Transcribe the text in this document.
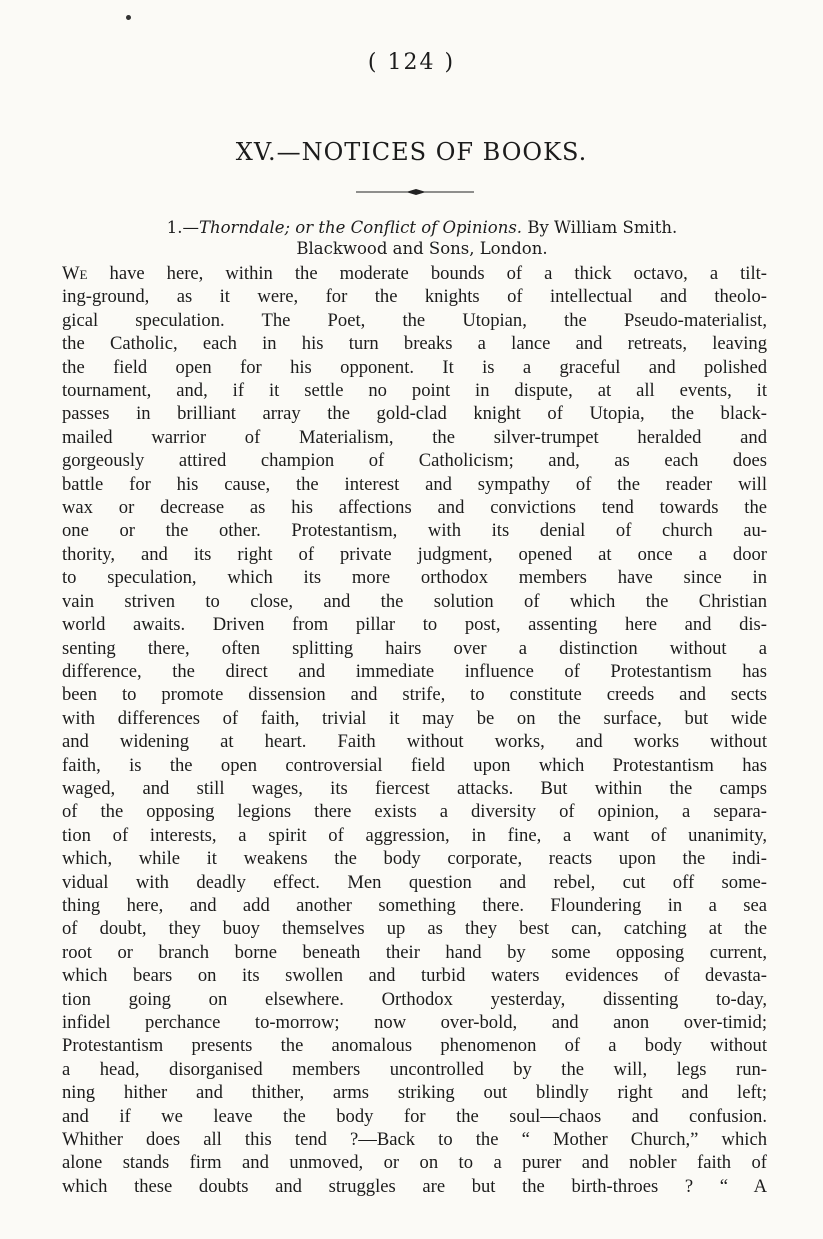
( 124 )
XV.—NOTICES OF BOOKS.
1.—Thorndale; or the Conflict of Opinions. By William Smith.
Blackwood and Sons, London.
We have here, within the moderate bounds of a thick octavo, a tilt-
ing-ground, as it were, for the knights of intellectual and theolo-
gical speculation. The Poet, the Utopian, the Pseudo-materialist,
the Catholic, each in his turn breaks a lance and retreats, leaving
the field open for his opponent. It is a graceful and polished
tournament, and, if it settle no point in dispute, at all events, it
passes in brilliant array the gold-clad knight of Utopia, the black-
mailed warrior of Materialism, the silver-trumpet heralded and
gorgeously attired champion of Catholicism; and, as each does
battle for his cause, the interest and sympathy of the reader will
wax or decrease as his affections and convictions tend towards the
one or the other. Protestantism, with its denial of church au-
thority, and its right of private judgment, opened at once a door
to speculation, which its more orthodox members have since in
vain striven to close, and the solution of which the Christian
world awaits. Driven from pillar to post, assenting here and dis-
senting there, often splitting hairs over a distinction without a
difference, the direct and immediate influence of Protestantism has
been to promote dissension and strife, to constitute creeds and sects
with differences of faith, trivial it may be on the surface, but wide
and widening at heart. Faith without works, and works without
faith, is the open controversial field upon which Protestantism has
waged, and still wages, its fiercest attacks. But within the camps
of the opposing legions there exists a diversity of opinion, a separa-
tion of interests, a spirit of aggression, in fine, a want of unanimity,
which, while it weakens the body corporate, reacts upon the indi-
vidual with deadly effect. Men question and rebel, cut off some-
thing here, and add another something there. Floundering in a sea
of doubt, they buoy themselves up as they best can, catching at the
root or branch borne beneath their hand by some opposing current,
which bears on its swollen and turbid waters evidences of devasta-
tion going on elsewhere. Orthodox yesterday, dissenting to-day,
infidel perchance to-morrow; now over-bold, and anon over-timid;
Protestantism presents the anomalous phenomenon of a body without
a head, disorganised members uncontrolled by the will, legs run-
ning hither and thither, arms striking out blindly right and left;
and if we leave the body for the soul—chaos and confusion.
Whither does all this tend ?—Back to the “ Mother Church,” which
alone stands firm and unmoved, or on to a purer and nobler faith of
which these doubts and struggles are but the birth-throes ? “ A
